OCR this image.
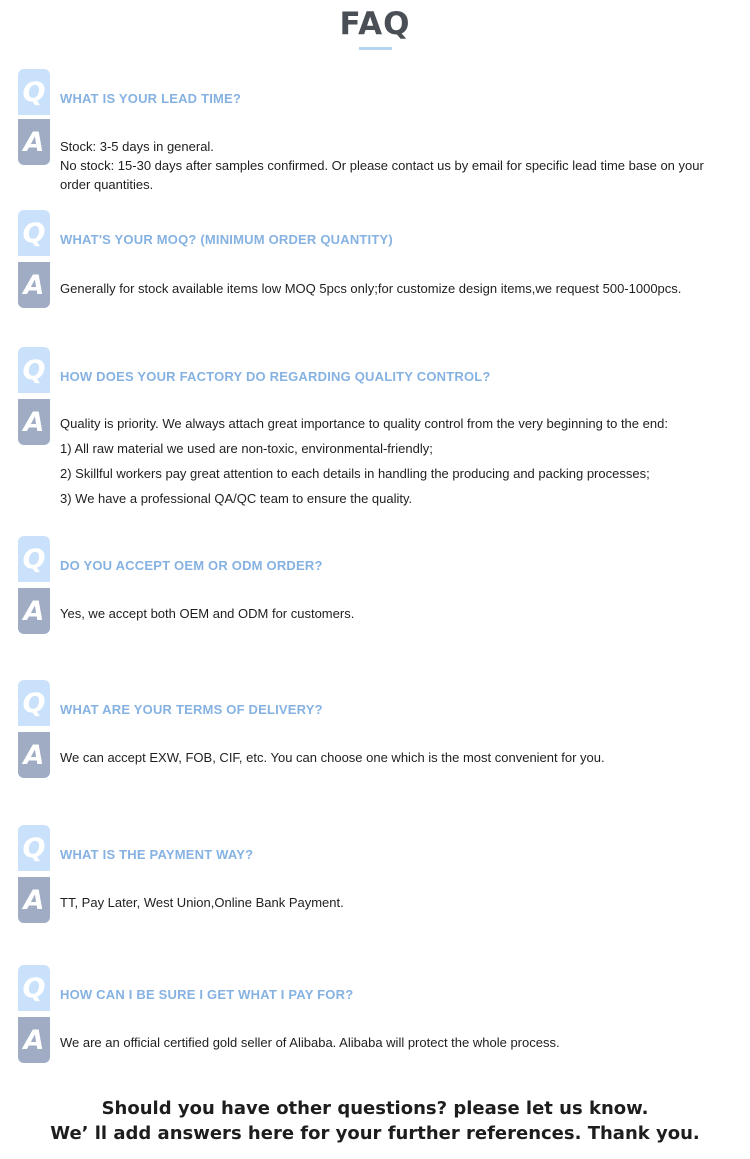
FAQ
Q
A
WHAT IS YOUR LEAD TIME?
Stock: 3-5 days in general.
No stock: 15-30 days after samples confirmed. Or please contact us by email for specific lead time base on your order quantities.
Q
A
WHAT'S YOUR MOQ? (MINIMUM ORDER QUANTITY)
Generally for stock available items low MOQ 5pcs only;for customize design items,we request 500-1000pcs.
Q
A
HOW DOES YOUR FACTORY DO REGARDING QUALITY CONTROL?
Quality is priority. We always attach great importance to quality control from the very beginning to the end:
1) All raw material we used are non-toxic, environmental-friendly;
2) Skillful workers pay great attention to each details in handling the producing and packing processes;
3) We have a professional QA/QC team to ensure the quality.
Q
A
DO YOU ACCEPT OEM OR ODM ORDER?
Yes, we accept both OEM and ODM for customers.
Q
A
WHAT ARE YOUR TERMS OF DELIVERY?
We can accept EXW, FOB, CIF, etc. You can choose one which is the most convenient for you.
Q
A
WHAT IS THE PAYMENT WAY?
TT, Pay Later, West Union,Online Bank Payment.
Q
A
HOW CAN I BE SURE I GET WHAT I PAY FOR?
We are an official certified gold seller of Alibaba. Alibaba will protect the whole process.
Should you have other questions? please let us know.
We’ ll add answers here for your further references. Thank you.
